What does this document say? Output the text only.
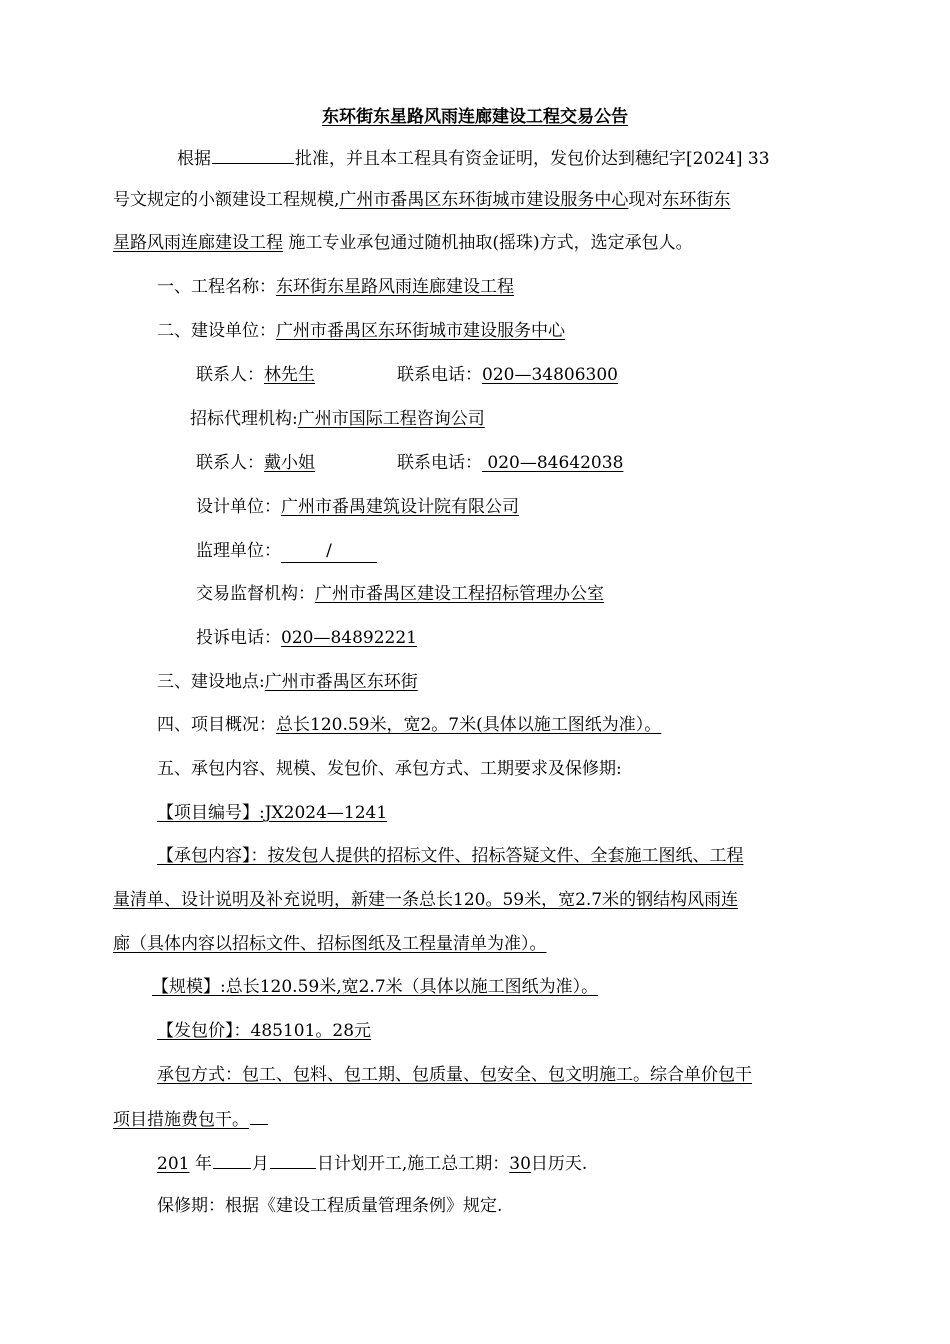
东环街东星路风雨连廊建设工程交易公告
根据	批准，并且本工程具有资金证明，发包价达到穗纪字[2024] 33
号文规定的小额建设工程规模,广州市番禺区东环街城市建设服务中心现对东环街东
星路风雨连廊建设工程 施工专业承包通过随机抽取(摇珠)方式，选定承包人。
一、工程名称：东环街东星路风雨连廊建设工程
二、建设单位：广州市番禺区东环街城市建设服务中心
联系人：林先生	联系电话：020—34806300
招标代理机构:广州市国际工程咨询公司
联系人：戴小姐	联系电话： 020—84642038
设计单位：广州市番禺建筑设计院有限公司
监理单位：	/
交易监督机构：广州市番禺区建设工程招标管理办公室
投诉电话：020—84892221
三、建设地点:广州市番禺区东环街
四、项目概况：总长120.59米，宽2。7米(具体以施工图纸为准）。
五、承包内容、规模、发包价、承包方式、工期要求及保修期:
【项目编号】:JX2024—1241
【承包内容】：按发包人提供的招标文件、招标答疑文件、全套施工图纸、工程
量清单、设计说明及补充说明，新建一条总长120。59米，宽2.7米的钢结构风雨连
廊（具体内容以招标文件、招标图纸及工程量清单为准）。
【规模】:总长120.59米,宽2.7米（具体以施工图纸为准）。
【发包价】：485101。28元
承包方式：包工、包料、包工期、包质量、包安全、包文明施工。综合单价包干
项目措施费包干。
201 年 月	日计划开工,施工总工期：30日历天.
保修期：根据《建设工程质量管理条例》规定.
